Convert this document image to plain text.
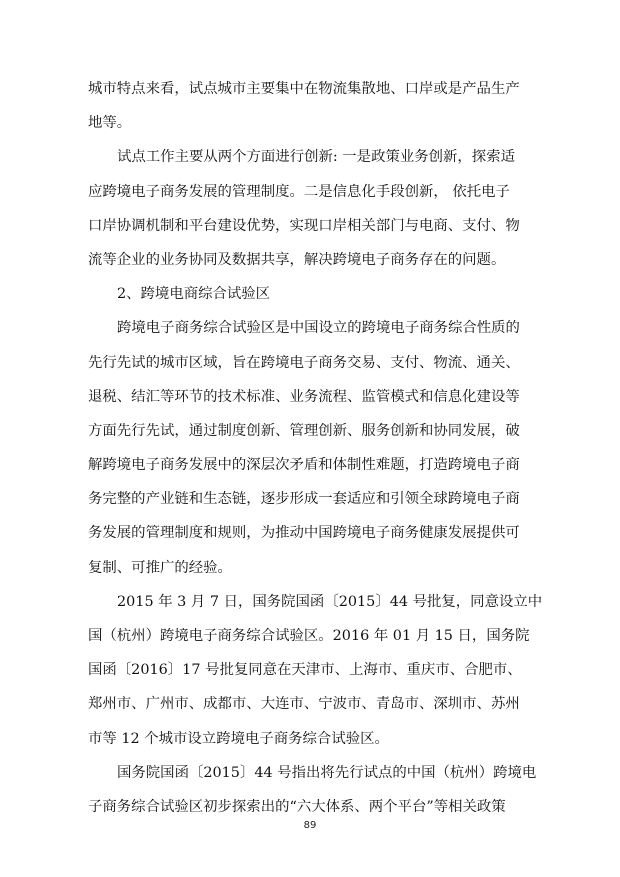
城市特点来看，试点城市主要集中在物流集散地、口岸或是产品生产
地等。
试点工作主要从两个方面进行创新: 一是政策业务创新，探索适
应跨境电子商务发展的管理制度。二是信息化手段创新， 依托电子
口岸协调机制和平台建设优势，实现口岸相关部门与电商、支付、物
流等企业的业务协同及数据共享，解决跨境电子商务存在的问题。
2、跨境电商综合试验区
跨境电子商务综合试验区是中国设立的跨境电子商务综合性质的
先行先试的城市区域，旨在跨境电子商务交易、支付、物流、通关、
退税、结汇等环节的技术标准、业务流程、监管模式和信息化建设等
方面先行先试，通过制度创新、管理创新、服务创新和协同发展，破
解跨境电子商务发展中的深层次矛盾和体制性难题，打造跨境电子商
务完整的产业链和生态链，逐步形成一套适应和引领全球跨境电子商
务发展的管理制度和规则，为推动中国跨境电子商务健康发展提供可
复制、可推广的经验。
2015 年 3 月 7 日，国务院国函〔2015〕44 号批复，同意设立中
国（杭州）跨境电子商务综合试验区。2016 年 01 月 15 日，国务院
国函〔2016〕17 号批复同意在天津市、上海市、重庆市、合肥市、
郑州市、广州市、成都市、大连市、宁波市、青岛市、深圳市、苏州
市等 12 个城市设立跨境电子商务综合试验区。
国务院国函〔2015〕44 号指出将先行试点的中国（杭州）跨境电
子商务综合试验区初步探索出的“六大体系、两个平台”等相关政策
89
